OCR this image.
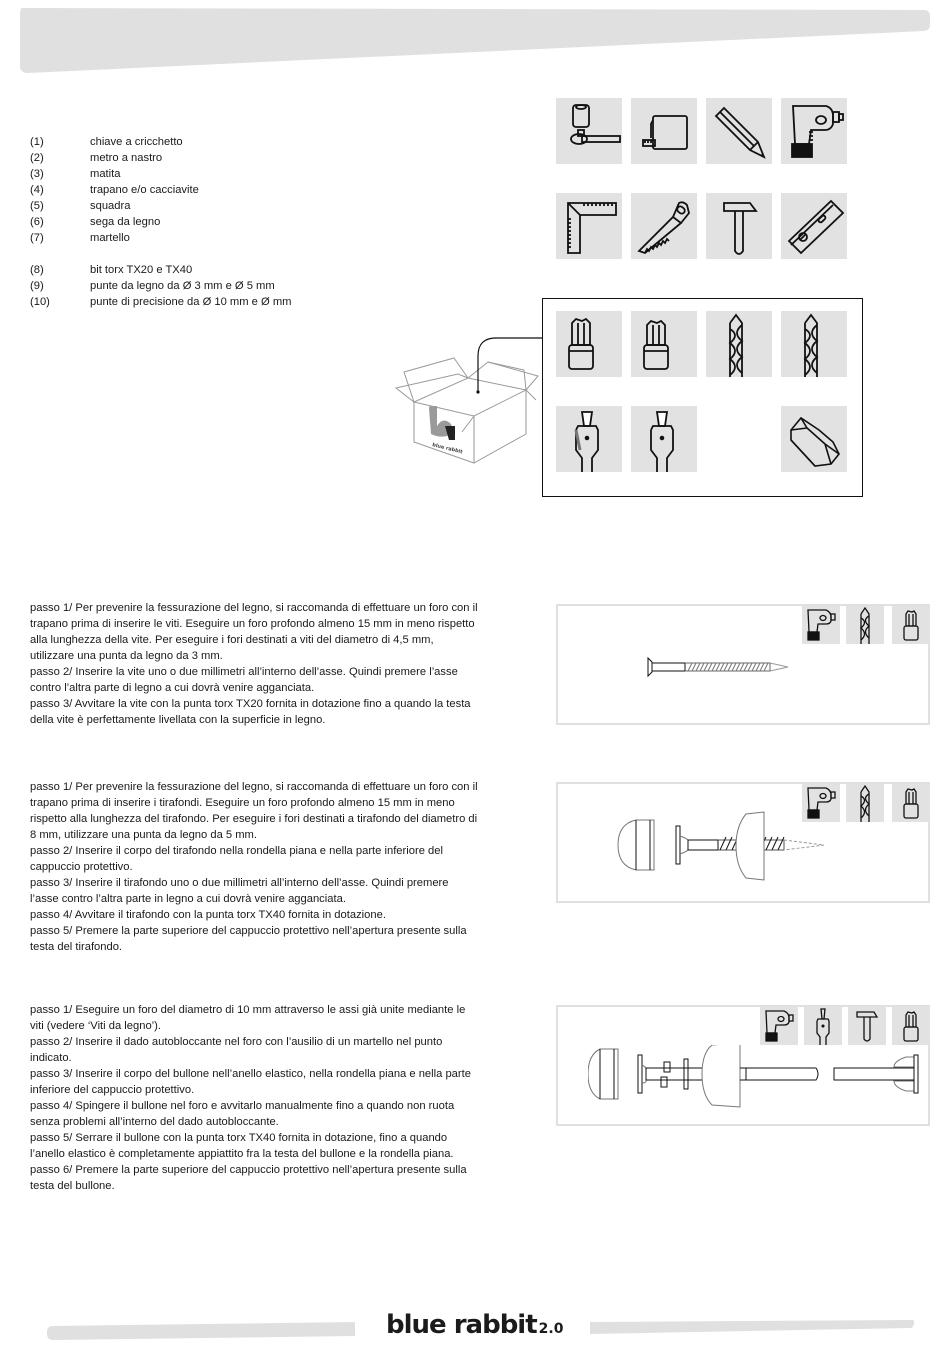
(1)	chiave a cricchetto
(2)	metro a nastro
(3)	matita
(4)	trapano e/o cacciavite
(5)	squadra
(6)	sega da legno
(7)	martello
(8)	bit torx TX20 e TX40
(9)	punte da legno da Ø 3 mm e Ø 5 mm
(10)	punte di precisione da Ø 10 mm e Ø mm
blue rabbit

passo 1/ Per prevenire la fessurazione del legno, si raccomanda di effettuare un foro con il trapano prima di inserire le viti. Eseguire un foro profondo almeno 15 mm in meno rispetto alla lunghezza della vite. Per eseguire i fori destinati a viti del diametro di 4,5 mm, utilizzare una punta da legno da 3 mm.

passo 2/ Inserire la vite uno o due millimetri all’interno dell’asse. Quindi premere l’asse contro l’altra parte di legno a cui dovrà venire agganciata.

passo 3/ Avvitare la vite con la punta torx TX20 fornita in dotazione fino a quando la testa della vite è perfettamente livellata con la superficie in legno.

passo 1/ Per prevenire la fessurazione del legno, si raccomanda di effettuare un foro con il trapano prima di inserire i tirafondi. Eseguire un foro profondo almeno 15 mm in meno rispetto alla lunghezza del tirafondo. Per eseguire i fori destinati a tirafondo del diametro di 8 mm, utilizzare una punta da legno da 5 mm.

passo 2/ Inserire il corpo del tirafondo nella rondella piana e nella parte inferiore del cappuccio protettivo.

passo 3/ Inserire il tirafondo uno o due millimetri all’interno dell’asse. Quindi premere l’asse contro l’altra parte in legno a cui dovrà venire agganciata.

passo 4/ Avvitare il tirafondo con la punta torx TX40 fornita in dotazione.

passo 5/ Premere la parte superiore del cappuccio protettivo nell’apertura presente sulla testa del tirafondo.

passo 1/ Eseguire un foro del diametro di 10 mm attraverso le assi già unite mediante le viti (vedere ‘Viti da legno’).

passo 2/ Inserire il dado autobloccante nel foro con l’ausilio di un martello nel punto indicato.

passo 3/ Inserire il corpo del bullone nell’anello elastico, nella rondella piana e nella parte inferiore del cappuccio protettivo.

passo 4/ Spingere il bullone nel foro e avvitarlo manualmente fino a quando non ruota senza problemi all’interno del dado autobloccante.

passo 5/ Serrare il bullone con la punta torx TX40 fornita in dotazione, fino a quando l’anello elastico è completamente appiattito fra la testa del bullone e la rondella piana.

passo 6/ Premere la parte superiore del cappuccio protettivo nell’apertura presente sulla testa del bullone.

blue rabbit 2.0
